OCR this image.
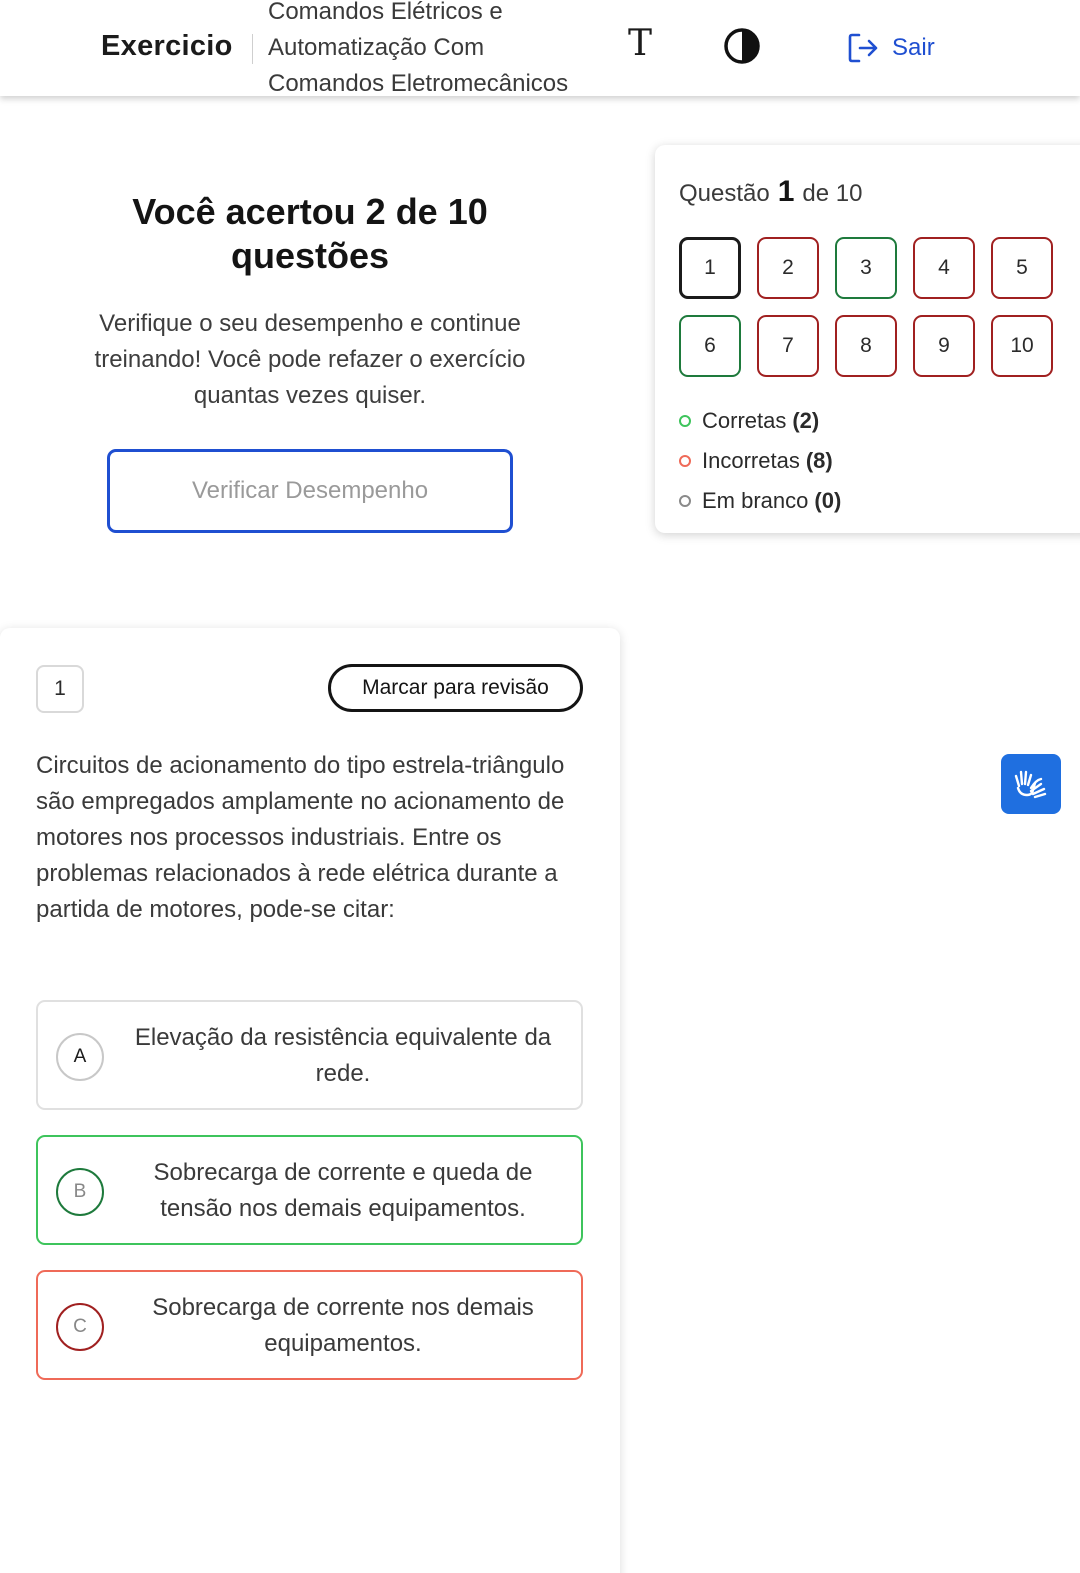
Exercicio
Comandos Elétricos e Automatização Com Comandos Eletromecânicos
T	Sair
Você acertou 2 de 10 questões
Verifique o seu desempenho e continue treinando! Você pode refazer o exercício quantas vezes quiser.
Verificar Desempenho
Questão 1 de 10
1	2	3	4	5
6	7	8	9	10
Corretas (2)
Incorretas (8)
Em branco (0)
1	Marcar para revisão
Circuitos de acionamento do tipo estrela-triângulo são empregados amplamente no acionamento de motores nos processos industriais. Entre os problemas relacionados à rede elétrica durante a partida de motores, pode-se citar:
A
Elevação da resistência equivalente da rede.
B
Sobrecarga de corrente e queda de tensão nos demais equipamentos.
C
Sobrecarga de corrente nos demais equipamentos.
